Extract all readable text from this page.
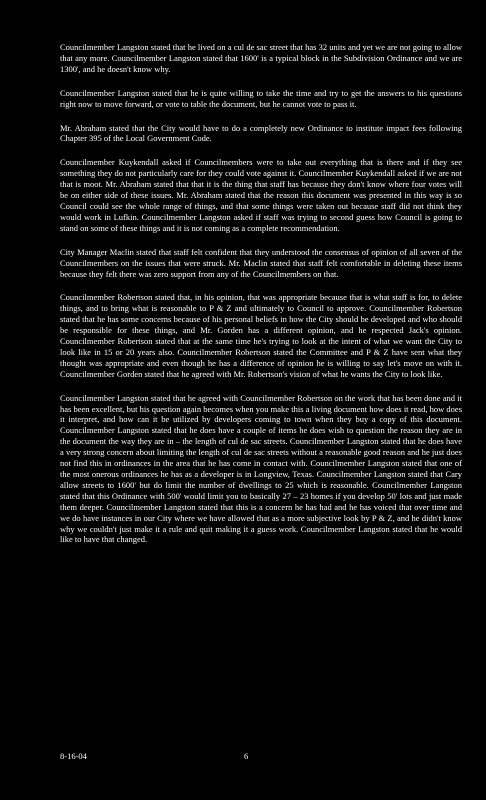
Councilmember Langston stated that he lived on a cul de sac street that has 32 units and yet we are not going to allow that any more. Councilmember Langston stated that 1600' is a typical block in the Subdivision Ordinance and we are 1300', and he doesn't know why.

Councilmember Langston stated that he is quite willing to take the time and try to get the answers to his questions right now to move forward, or vote to table the document, but he cannot vote to pass it.

Mr. Abraham stated that the City would have to do a completely new Ordinance to institute impact fees following Chapter 395 of the Local Government Code.

Councilmember Kuykendall asked if Councilmembers were to take out everything that is there and if they see something they do not particularly care for they could vote against it. Councilmember Kuykendall asked if we are not that is moot. Mr. Abraham stated that that it is the thing that staff has because they don't know where four votes will be on either side of these issues. Mr. Abraham stated that the reason this document was presented in this way is so Council could see the whole range of things, and that some things were taken out because staff did not think they would work in Lufkin. Councilmember Langston asked if staff was trying to second guess how Council is going to stand on some of these things and it is not coming as a complete recommendation.

City Manager Maclin stated that staff felt confident that they understood the consensus of opinion of all seven of the Councilmembers on the issues that were struck. Mr. Maclin stated that staff felt comfortable in deleting these items because they felt there was zero support from any of the Councilmembers on that.

Councilmember Robertson stated that, in his opinion, that was appropriate because that is what staff is for, to delete things, and to bring what is reasonable to P & Z and ultimately to Council to approve. Councilmember Robertson stated that he has some concerns because of his personal beliefs in how the City should be developed and who should be responsible for these things, and Mr. Gorden has a different opinion, and he respected Jack's opinion. Councilmember Robertson stated that at the same time he's trying to look at the intent of what we want the City to look like in 15 or 20 years also. Councilmember Robertson stated the Committee and P & Z have sent what they thought was appropriate and even though he has a difference of opinion he is willing to say let's move on with it. Councilmember Gorden stated that he agreed with Mr. Robertson's vision of what he wants the City to look like.

Councilmember Langston stated that he agreed with Councilmember Robertson on the work that has been done and it has been excellent, but his question again becomes when you make this a living document how does it read, how does it interpret, and how can it be utilized by developers coming to town when they buy a copy of this document. Councilmember Langston stated that he does have a couple of items he does wish to question the reason they are in the document the way they are in – the length of cul de sac streets. Councilmember Langston stated that he does have a very strong concern about limiting the length of cul de sac streets without a reasonable good reason and he just does not find this in ordinances in the area that he has come in contact with. Councilmember Langston stated that one of the most onerous ordinances he has as a developer is in Longview, Texas. Councilmember Langston stated that Cary allow streets to 1600' but do limit the number of dwellings to 25 which is reasonable. Councilmember Langston stated that this Ordinance with 500' would limit you to basically 27 – 23 homes if you develop 50' lots and just made them deeper. Councilmember Langston stated that this is a concern he has had and he has voiced that over time and we do have instances in our City where we have allowed that as a more subjective look by P & Z, and he didn't know why we couldn't just make it a rule and quit making it a guess work. Councilmember Langston stated that he would like to have that changed.

8-16-04	6
